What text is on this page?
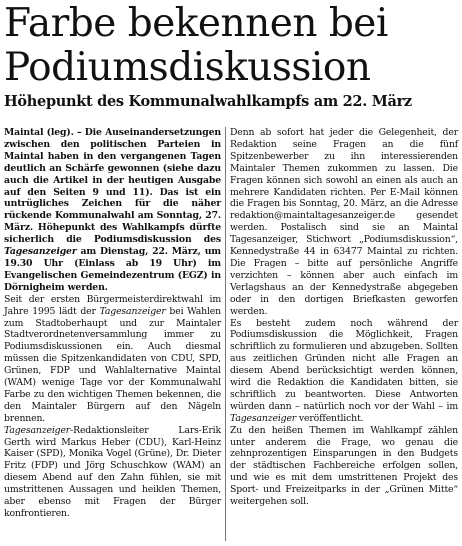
Farbe bekennen bei Podiumsdiskussion
Höhepunkt des Kommunalwahlkampfs am 22. März

Maintal (leg). – Die Auseinandersetzungen zwischen den politischen Parteien in Maintal haben in den vergangenen Tagen deutlich an Schärfe gewonnen (siehe dazu auch die Artikel in der heutigen Ausgabe auf den Seiten 9 und 11). Das ist ein untrügliches Zeichen für die näher rückende Kommunalwahl am Sonntag, 27. März. Höhepunkt des Wahlkampfs dürfte sicherlich die Podiumsdiskussion des Tagesanzeiger am Dienstag, 22. März, um 19.30 Uhr (Einlass ab 19 Uhr) im Evangelischen Gemeindezentrum (EGZ) in Dörnigheim werden.

Seit der ersten Bürgermeisterdirektwahl im Jahre 1995 lädt der Tagesanzeiger bei Wahlen zum Stadtoberhaupt und zur Maintaler Stadtverordnetenversammlung immer zu Podiumsdiskussionen ein. Auch diesmal müssen die Spitzenkandidaten von CDU, SPD, Grünen, FDP und Wahlalternative Maintal (WAM) wenige Tage vor der Kommunalwahl Farbe zu den wichtigen Themen bekennen, die den Maintaler Bürgern auf den Nägeln brennen.

Tagesanzeiger-Redaktionsleiter Lars-Erik Gerth wird Markus Heber (CDU), Karl-Heinz Kaiser (SPD), Monika Vogel (Grüne), Dr. Dieter Fritz (FDP) und Jörg Schuschkow (WAM) an diesem Abend auf den Zahn fühlen, sie mit umstrittenen Aussagen und heiklen Themen, aber ebenso mit Fragen der Bürger konfrontieren.

Denn ab sofort hat jeder die Gelegenheit, der Redaktion seine Fragen an die fünf Spitzenbewerber zu ihn interessierenden Maintaler Themen zukommen zu lassen. Die Fragen können sich sowohl an einen als auch an mehrere Kandidaten richten. Per E-Mail können die Fragen bis Sonntag, 20. März, an die Adresse redaktion@maintaltagesanzeiger.de gesendet werden. Postalisch sind sie an Maintal Tagesanzeiger, Stichwort „Podiumsdiskussion“, Kennedystraße 44 in 63477 Maintal zu richten. Die Fragen – bitte auf persönliche Angriffe verzichten – können aber auch einfach im Verlagshaus an der Kennedystraße abgegeben oder in den dortigen Briefkasten geworfen werden.

Es besteht zudem noch während der Podiumsdiskussion die Möglichkeit, Fragen schriftlich zu formulieren und abzugeben. Sollten aus zeitlichen Gründen nicht alle Fragen an diesem Abend berücksichtigt werden können, wird die Redaktion die Kandidaten bitten, sie schriftlich zu beantworten. Diese Antworten würden dann – natürlich noch vor der Wahl – im Tagesanzeiger veröffentlicht.

Zu den heißen Themen im Wahlkampf zählen unter anderem die Frage, wo genau die zehnprozentigen Einsparungen in den Budgets der städtischen Fachbereiche erfolgen sollen, und wie es mit dem umstrittenen Projekt des Sport- und Freizeitparks in der „Grünen Mitte“ weitergehen soll.
